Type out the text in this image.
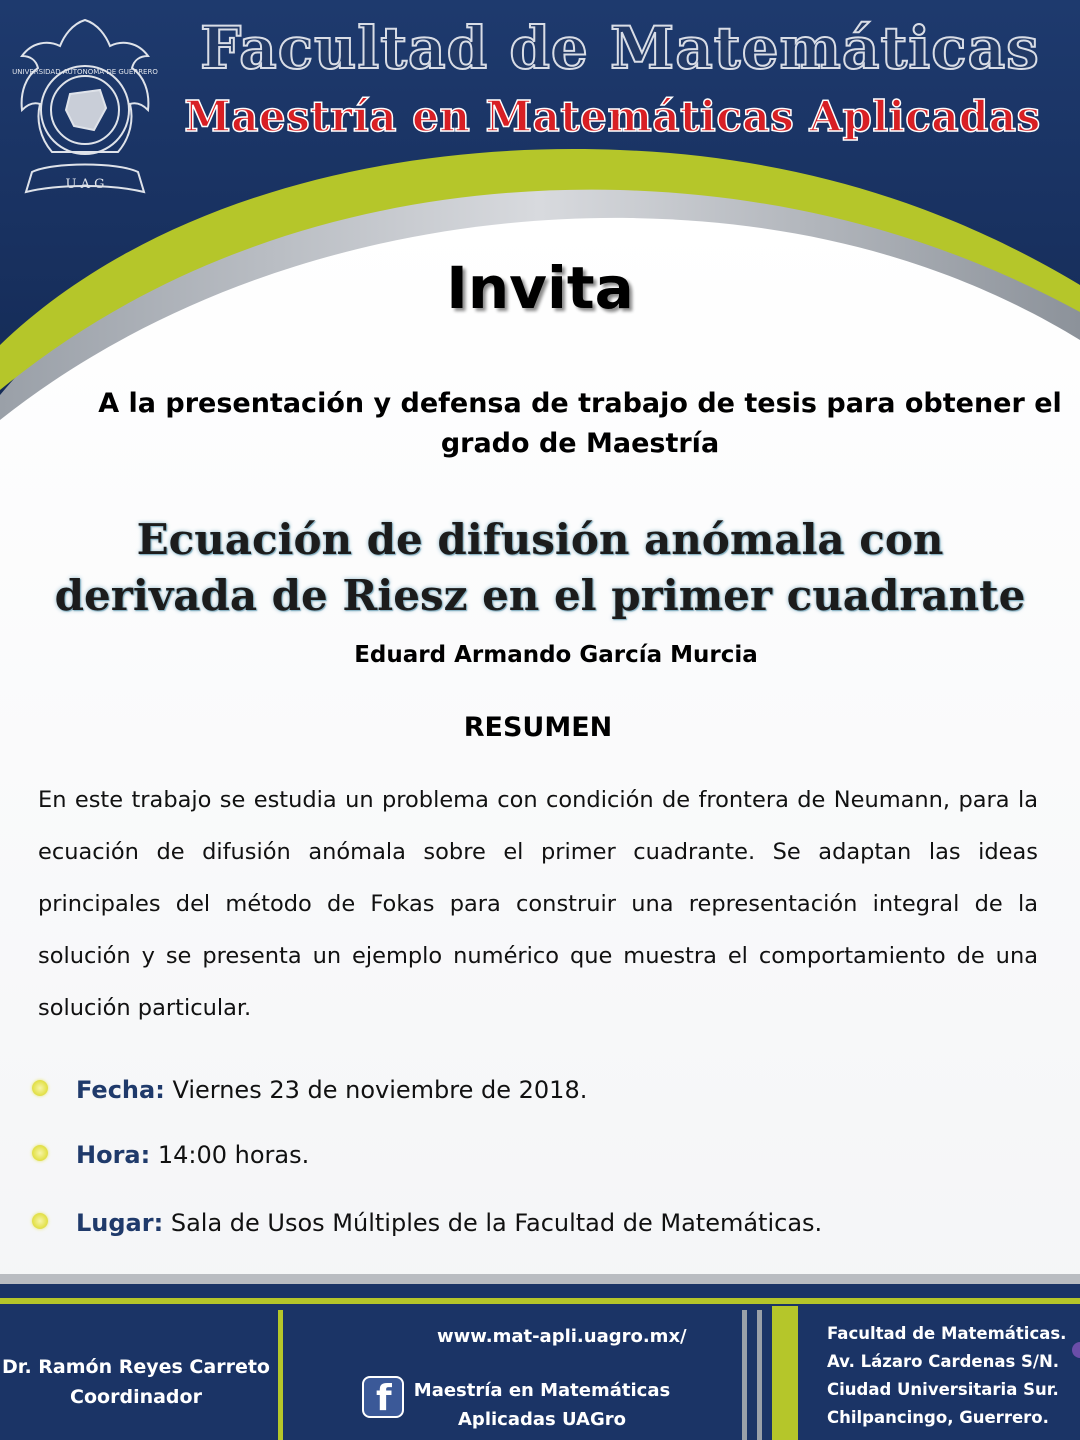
U A G
UNIVERSIDAD AUTONOMA DE GUERRERO Facultad de Matemáticas
Maestría en Matemáticas Aplicadas
Invita
A la presentación y defensa de trabajo de tesis para obtener el grado de Maestría
Ecuación de difusión anómala con
derivada de Riesz en el primer cuadrante
Eduard Armando García Murcia
RESUMEN
En este trabajo se estudia un problema con condición de frontera de Neumann, para la ecuación de difusión anómala sobre el primer cuadrante. Se adaptan las ideas principales del método de Fokas para construir una representación integral de la solución y se presenta un ejemplo numérico que muestra el comportamiento de una solución particular.
Fecha: Viernes 23 de noviembre de 2018.
Hora: 14:00 horas.
Lugar: Sala de Usos Múltiples de la Facultad de Matemáticas.
Dr. Ramón Reyes Carreto
Coordinador
www.mat-apli.uagro.mx/
f	Maestría en Matemáticas
Aplicadas UAGro
Facultad de Matemáticas.
Av. Lázaro Cardenas S/N.
Ciudad Universitaria Sur.
Chilpancingo, Guerrero.
